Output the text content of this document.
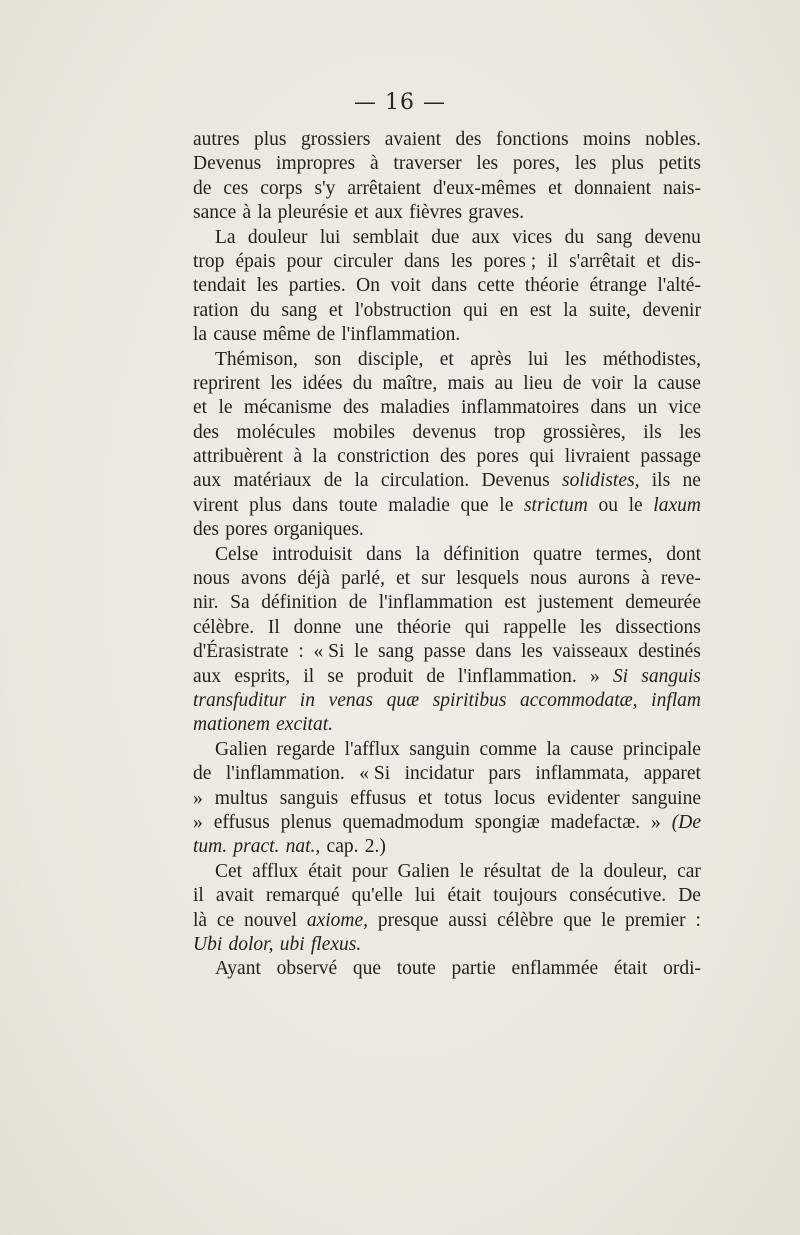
— 16 —
autres plus grossiers avaient des fonctions moins nobles.
Devenus impropres à traverser les pores, les plus petits
de ces corps s'y arrêtaient d'eux-mêmes et donnaient nais-
sance à la pleurésie et aux fièvres graves.
La douleur lui semblait due aux vices du sang devenu
trop épais pour circuler dans les pores ; il s'arrêtait et dis-
tendait les parties. On voit dans cette théorie étrange l'alté-
ration du sang et l'obstruction qui en est la suite, devenir
la cause même de l'inflammation.
Thémison, son disciple, et après lui les méthodistes,
reprirent les idées du maître, mais au lieu de voir la cause
et le mécanisme des maladies inflammatoires dans un vice
des molécules mobiles devenus trop grossières, ils les
attribuèrent à la constriction des pores qui livraient passage
aux matériaux de la circulation. Devenus solidistes, ils ne
virent plus dans toute maladie que le strictum ou le laxum
des pores organiques.
Celse introduisit dans la définition quatre termes, dont
nous avons déjà parlé, et sur lesquels nous aurons à reve-
nir. Sa définition de l'inflammation est justement demeurée
célèbre. Il donne une théorie qui rappelle les dissections
d'Érasistrate : « Si le sang passe dans les vaisseaux destinés
aux esprits, il se produit de l'inflammation. » Si sanguis
transfuditur in venas quæ spiritibus accommodatæ, inflam
mationem excitat.
Galien regarde l'afflux sanguin comme la cause principale
de l'inflammation. « Si incidatur pars inflammata, apparet
» multus sanguis effusus et totus locus evidenter sanguine
» effusus plenus quemadmodum spongiæ madefactæ. » (De
tum. pract. nat., cap. 2.)
Cet afflux était pour Galien le résultat de la douleur, car
il avait remarqué qu'elle lui était toujours consécutive. De
là ce nouvel axiome, presque aussi célèbre que le premier :
Ubi dolor, ubi flexus.
Ayant observé que toute partie enflammée était ordi-
